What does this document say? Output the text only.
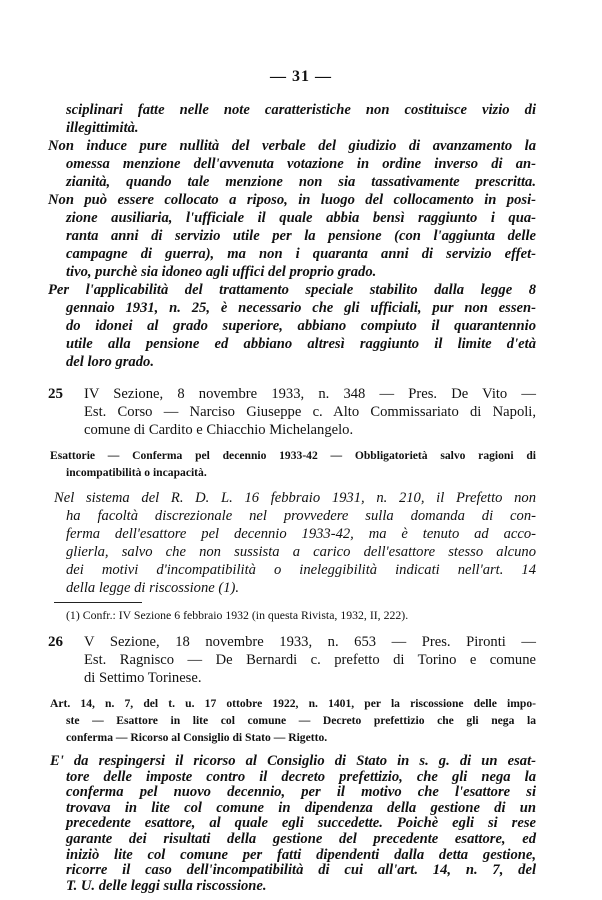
— 31 —
sciplinari fatte nelle note caratteristiche non costituisce vizio di
illegittimità.
Non induce pure nullità del verbale del giudizio di avanzamento la
omessa menzione dell'avvenuta votazione in ordine inverso di an-
zianità, quando tale menzione non sia tassativamente prescritta.
Non può essere collocato a riposo, in luogo del collocamento in posi-
zione ausiliaria, l'ufficiale il quale abbia bensì raggiunto i qua-
ranta anni di servizio utile per la pensione (con l'aggiunta delle
campagne di guerra), ma non i quaranta anni di servizio effet-
tivo, purchè sia idoneo agli uffici del proprio grado.
Per l'applicabilità del trattamento speciale stabilito dalla legge 8
gennaio 1931, n. 25, è necessario che gli ufficiali, pur non essen-
do idonei al grado superiore, abbiano compiuto il quarantennio
utile alla pensione ed abbiano altresì raggiunto il limite d'età
del loro grado.
25 IV Sezione, 8 novembre 1933, n. 348 — Pres. De Vito —
Est. Corso — Narciso Giuseppe c. Alto Commissariato di Napoli,
comune di Cardito e Chiacchio Michelangelo.
Esattorie — Conferma pel decennio 1933-42 — Obbligatorietà salvo ragioni di
incompatibilità o incapacità.
Nel sistema del R. D. L. 16 febbraio 1931, n. 210, il Prefetto non
ha facoltà discrezionale nel provvedere sulla domanda di con-
ferma dell'esattore pel decennio 1933-42, ma è tenuto ad acco-
glierla, salvo che non sussista a carico dell'esattore stesso alcuno
dei motivi d'incompatibilità o ineleggibilità indicati nell'art. 14
della legge di riscossione (1).
(1) Confr.: IV Sezione 6 febbraio 1932 (in questa Rivista, 1932, II, 222).
26 V Sezione, 18 novembre 1933, n. 653 — Pres. Pironti —
Est. Ragnisco — De Bernardi c. prefetto di Torino e comune
di Settimo Torinese.
Art. 14, n. 7, del t. u. 17 ottobre 1922, n. 1401, per la riscossione delle impo-
ste — Esattore in lite col comune — Decreto prefettizio che gli nega la
conferma — Ricorso al Consiglio di Stato — Rigetto.
E' da respingersi il ricorso al Consiglio di Stato in s. g. di un esat-
tore delle imposte contro il decreto prefettizio, che gli nega la
conferma pel nuovo decennio, per il motivo che l'esattore si
trovava in lite col comune in dipendenza della gestione di un
precedente esattore, al quale egli succedette. Poichè egli si rese
garante dei risultati della gestione del precedente esattore, ed
iniziò lite col comune per fatti dipendenti dalla detta gestione,
ricorre il caso dell'incompatibilità di cui all'art. 14, n. 7, del
T. U. delle leggi sulla riscossione.
